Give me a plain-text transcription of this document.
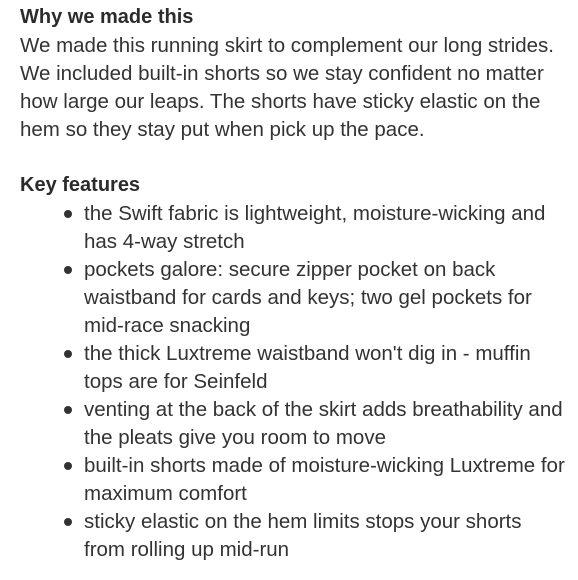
Why we made this

We made this running skirt to complement our long strides. We included built-in shorts so we stay confident no matter how large our leaps. The shorts have sticky elastic on the hem so they stay put when pick up the pace.

Key features
the Swift fabric is lightweight, moisture-wicking and has 4-way stretch
pockets galore: secure zipper pocket on back waistband for cards and keys; two gel pockets for mid-race snacking
the thick Luxtreme waistband won't dig in - muffin tops are for Seinfeld
venting at the back of the skirt adds breathability and the pleats give you room to move
built-in shorts made of moisture-wicking Luxtreme for maximum comfort
sticky elastic on the hem limits stops your shorts from rolling up mid-run
